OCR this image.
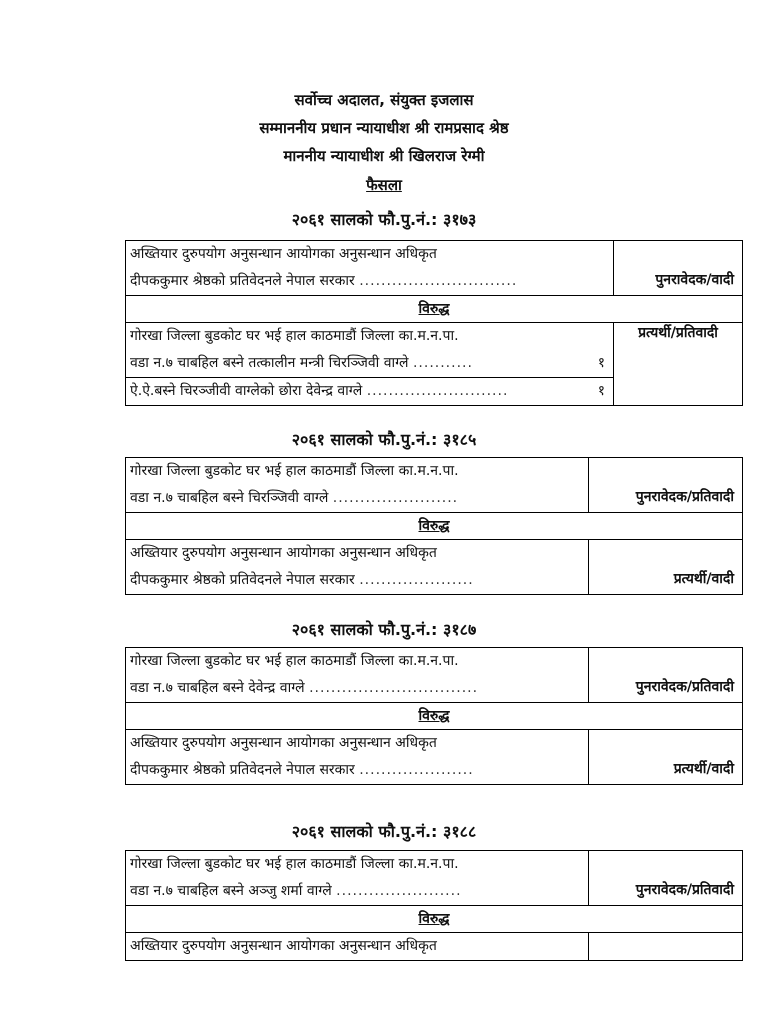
सर्वोच्च अदालत, संयुक्त इजलास
सम्माननीय प्रधान न्यायाधीश श्री रामप्रसाद श्रेष्ठ
माननीय न्यायाधीश श्री खिलराज रेग्मी
फैसला
२०६१ सालको फौ.पु.नं.: ३१७३
अख्तियार दुरुपयोग अनुसन्धान आयोगका अनुसन्धान अधिकृत
दीपककुमार श्रेष्ठको प्रतिवेदनले नेपाल सरकार .............................	पुनरावेदक/वादी
विरुद्ध	

गोरखा जिल्ला बुडकोट घर भई हाल काठमाडौं जिल्ला का.म.न.पा.
वडा न.७ चाबहिल बस्ने तत्कालीन मन्त्री चिरञ्जिवी वाग्ले ........... १	प्रत्यर्थी/प्रतिवादी

ऐ.ऐ.बस्ने चिरञ्जीवी वाग्लेको छोरा देवेन्द्र वाग्ले .......................... १	
२०६१ सालको फौ.पु.नं.: ३१८५
गोरखा जिल्ला बुडकोट घर भई हाल काठमाडौं जिल्ला का.म.न.पा.
वडा न.७ चाबहिल बस्ने चिरञ्जिवी वाग्ले .......................	पुनरावेदक/प्रतिवादी
विरुद्ध	

अख्तियार दुरुपयोग अनुसन्धान आयोगका अनुसन्धान अधिकृत
दीपककुमार श्रेष्ठको प्रतिवेदनले नेपाल सरकार .....................	प्रत्यर्थी/वादी
२०६१ सालको फौ.पु.नं.: ३१८७
गोरखा जिल्ला बुडकोट घर भई हाल काठमाडौं जिल्ला का.म.न.पा.
वडा न.७ चाबहिल बस्ने देवेन्द्र वाग्ले ...............................	पुनरावेदक/प्रतिवादी
विरुद्ध	

अख्तियार दुरुपयोग अनुसन्धान आयोगका अनुसन्धान अधिकृत
दीपककुमार श्रेष्ठको प्रतिवेदनले नेपाल सरकार .....................	प्रत्यर्थी/वादी
२०६१ सालको फौ.पु.नं.: ३१८८
गोरखा जिल्ला बुडकोट घर भई हाल काठमाडौं जिल्ला का.म.न.पा.
वडा न.७ चाबहिल बस्ने अञ्जु शर्मा वाग्ले .......................	पुनरावेदक/प्रतिवादी
विरुद्ध	

अख्तियार दुरुपयोग अनुसन्धान आयोगका अनुसन्धान अधिकृत	
